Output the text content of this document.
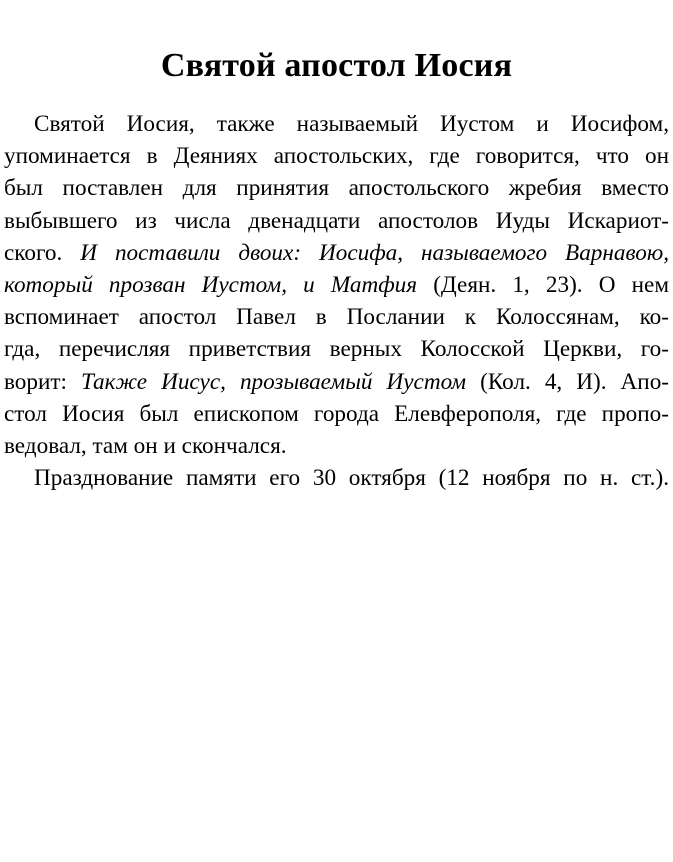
Святой апостол Иосия
Святой Иосия, также называемый Иустом и Иосифом,
упоминается в Деяниях апостольских, где говорится, что он
был поставлен для принятия апостольского жребия вместо
выбывшего из числа двенадцати апостолов Иуды Искариот-
ского. И поставили двоих: Иосифа, называемого Варнавою,
который прозван Иустом, и Матфия (Деян. 1, 23). О нем
вспоминает апостол Павел в Послании к Колоссянам, ко-
гда, перечисляя приветствия верных Колосской Церкви, го-
ворит: Также Иисус, прозываемый Иустом (Кол. 4, И). Апо-
стол Иосия был епископом города Елевферополя, где пропо-
ведовал, там он и скончался.
Празднование памяти его 30 октября (12 ноября по н. ст.).
